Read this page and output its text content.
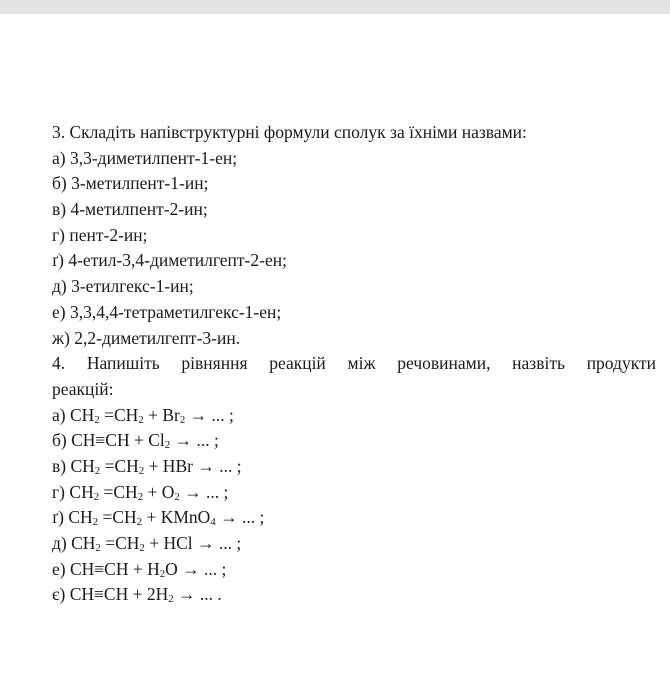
3. Складіть напівструктурні формули сполук за їхніми назвами:
а) 3,3-диметилпент-1-ен;
б) 3-метилпент-1-ин;
в) 4-метилпент-2-ин;
г) пент-2-ин;
ґ) 4-етил-3,4-диметилгепт-2-ен;
д) 3-етилгекс-1-ин;
е) 3,3,4,4-тетраметилгекс-1-ен;
ж) 2,2-диметилгепт-3-ин.
4. Напишіть рівняння реакцій між речовинами, назвіть продукти
реакцій:
а) $CH_2 =CH_2 + Br_2$ → ... ;
б) $CH\equiv CH + Cl_2$ → ... ;
в) $CH_2 =CH_2$ + HBr → ... ;
г) $CH_2 =CH_2 + O_2$ → ... ;
ґ) $CH_2 =CH_2$ + KMnO$_4$ → ... ;
д) $CH_2 =CH_2$ + HCl → ... ;
е) $CH\equiv CH + H_2O$ → ... ;
є) $CH\equiv CH + 2H_2$ → ... .
